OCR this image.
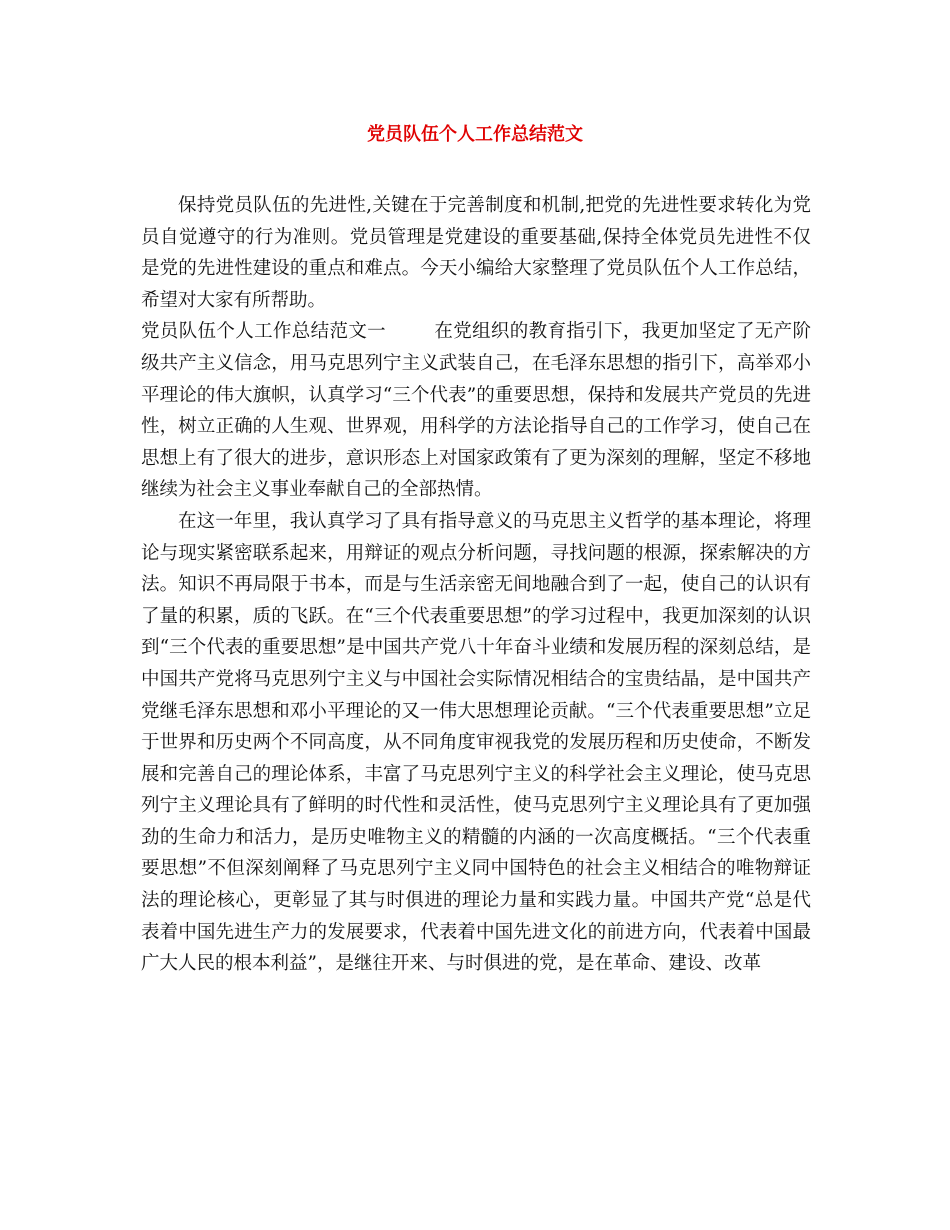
党员队伍个人工作总结范文

保持党员队伍的先进性,关键在于完善制度和机制,把党的先进性要求转化为党员自觉遵守的行为准则。党员管理是党建设的重要基础,保持全体党员先进性不仅是党的先进性建设的重点和难点。今天小编给大家整理了党员队伍个人工作总结，希望对大家有所帮助。

党员队伍个人工作总结范文一	在党组织的教育指引下，我更加坚定了无产阶级共产主义信念，用马克思列宁主义武装自己，在毛泽东思想的指引下，高举邓小平理论的伟大旗帜，认真学习“三个代表”的重要思想，保持和发展共产党员的先进性，树立正确的人生观、世界观，用科学的方法论指导自己的工作学习，使自己在思想上有了很大的进步，意识形态上对国家政策有了更为深刻的理解，坚定不移地继续为社会主义事业奉献自己的全部热情。

在这一年里，我认真学习了具有指导意义的马克思主义哲学的基本理论，将理论与现实紧密联系起来，用辩证的观点分析问题，寻找问题的根源，探索解决的方法。知识不再局限于书本，而是与生活亲密无间地融合到了一起，使自己的认识有了量的积累，质的飞跃。在“三个代表重要思想”的学习过程中，我更加深刻的认识到“三个代表的重要思想”是中国共产党八十年奋斗业绩和发展历程的深刻总结，是中国共产党将马克思列宁主义与中国社会实际情况相结合的宝贵结晶，是中国共产党继毛泽东思想和邓小平理论的又一伟大思想理论贡献。“三个代表重要思想”立足于世界和历史两个不同高度，从不同角度审视我党的发展历程和历史使命，不断发展和完善自己的理论体系，丰富了马克思列宁主义的科学社会主义理论，使马克思列宁主义理论具有了鲜明的时代性和灵活性，使马克思列宁主义理论具有了更加强劲的生命力和活力，是历史唯物主义的精髓的内涵的一次高度概括。“三个代表重要思想”不但深刻阐释了马克思列宁主义同中国特色的社会主义相结合的唯物辩证法的理论核心，更彰显了其与时俱进的理论力量和实践力量。中国共产党“总是代表着中国先进生产力的发展要求，代表着中国先进文化的前进方向，代表着中国最广大人民的根本利益”，是继往开来、与时俱进的党，是在革命、建设、改革
